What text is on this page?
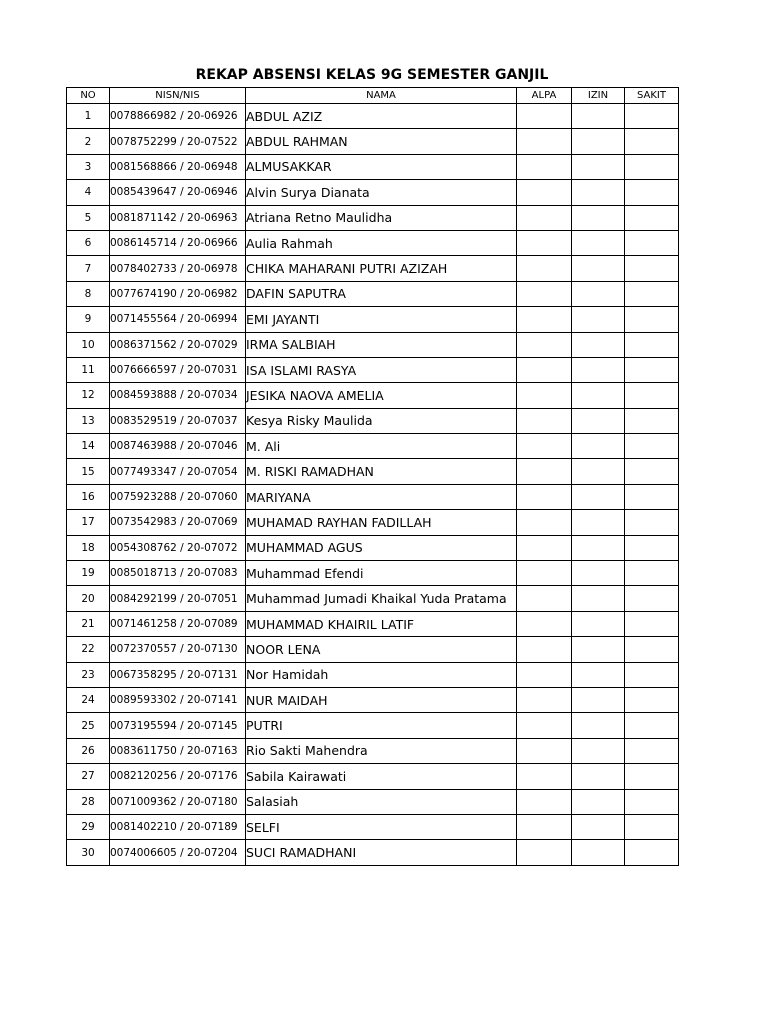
REKAP ABSENSI KELAS 9G SEMESTER GANJIL
NO	NISN/NIS	NAMA	ALPA	IZIN	SAKIT
1	0078866982 / 20-06926	ABDUL AZIZ			
2	0078752299 / 20-07522	ABDUL RAHMAN			
3	0081568866 / 20-06948	ALMUSAKKAR			
4	0085439647 / 20-06946	Alvin Surya Dianata			
5	0081871142 / 20-06963	Atriana Retno Maulidha			
6	0086145714 / 20-06966	Aulia Rahmah			
7	0078402733 / 20-06978	CHIKA MAHARANI PUTRI AZIZAH			
8	0077674190 / 20-06982	DAFIN SAPUTRA			
9	0071455564 / 20-06994	EMI JAYANTI			
10	0086371562 / 20-07029	IRMA SALBIAH			
11	0076666597 / 20-07031	ISA ISLAMI RASYA			
12	0084593888 / 20-07034	JESIKA NAOVA AMELIA			
13	0083529519 / 20-07037	Kesya Risky Maulida			
14	0087463988 / 20-07046	M. Ali			
15	0077493347 / 20-07054	M. RISKI RAMADHAN			
16	0075923288 / 20-07060	MARIYANA			
17	0073542983 / 20-07069	MUHAMAD RAYHAN FADILLAH			
18	0054308762 / 20-07072	MUHAMMAD AGUS			
19	0085018713 / 20-07083	Muhammad Efendi			
20	0084292199 / 20-07051	Muhammad Jumadi Khaikal Yuda Pratama			
21	0071461258 / 20-07089	MUHAMMAD KHAIRIL LATIF			
22	0072370557 / 20-07130	NOOR LENA			
23	0067358295 / 20-07131	Nor Hamidah			
24	0089593302 / 20-07141	NUR MAIDAH			
25	0073195594 / 20-07145	PUTRI			
26	0083611750 / 20-07163	Rio Sakti Mahendra			
27	0082120256 / 20-07176	Sabila Kairawati			
28	0071009362 / 20-07180	Salasiah			
29	0081402210 / 20-07189	SELFI			
30	0074006605 / 20-07204	SUCI RAMADHANI			
